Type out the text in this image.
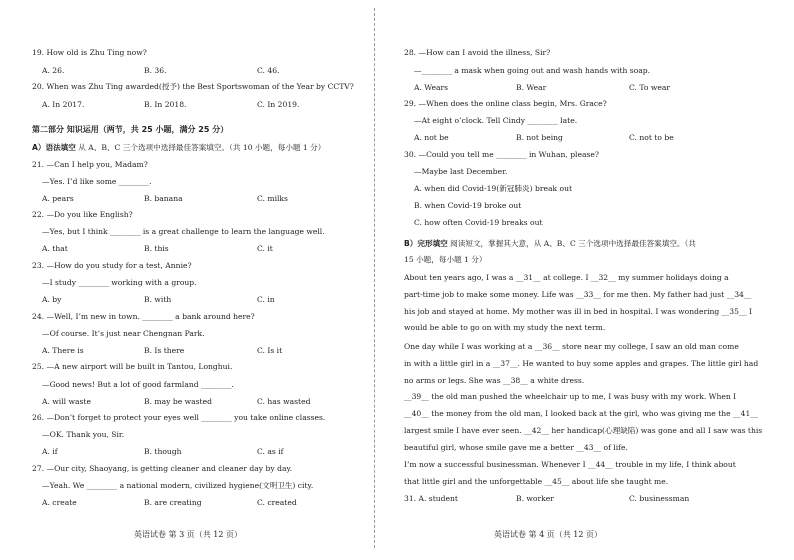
19. How old is Zhu Ting now?
A. 26.	B. 36.	C. 46.
20. When was Zhu Ting awarded(授予) the Best Sportswoman of the Year by CCTV?
A. In 2017.	B. In 2018.	C. In 2019.
第二部分 知识运用（两节，共 25 小题，满分 25 分）
A）语法填空 从 A、B、C 三个选项中选择最佳答案填空。（共 10 小题，每小题 1 分）
21. —Can I help you, Madam?
—Yes. I’d like some ________.
A. pears	B. banana	C. milks
22. —Do you like English?
—Yes, but I think ________ is a great challenge to learn the language well.
A. that	B. this	C. it
23. —How do you study for a test, Annie?
—I study ________ working with a group.
A. by	B. with	C. in
24. —Well, I’m new in town. ________ a bank around here?
—Of course. It’s just near Chengnan Park.
A. There is	B. Is there	C. Is it
25. —A new airport will be built in Tantou, Longhui.
—Good news! But a lot of good farmland ________.
A. will waste	B. may be wasted	C. has wasted
26. —Don’t forget to protect your eyes well ________ you take online classes.
—OK. Thank you, Sir.
A. if	B. though	C. as if
27. —Our city, Shaoyang, is getting cleaner and cleaner day by day.
—Yeah. We ________ a national modern, civilized hygiene(文明卫生) city.
A. create	B. are creating	C. created
英语试卷 第 3 页（共 12 页）
28. —How can I avoid the illness, Sir?
—________ a mask when going out and wash hands with soap.
A. Wears	B. Wear	C. To wear
29. —When does the online class begin, Mrs. Grace?
—At eight o’clock. Tell Cindy ________ late.
A. not be	B. not being	C. not to be
30. —Could you tell me ________ in Wuhan, please?
—Maybe last December.
A. when did Covid-19(新冠肺炎) break out
B. when Covid-19 broke out
C. how often Covid-19 breaks out
B）完形填空 阅读短文，掌握其大意，从 A、B、C 三个选项中选择最佳答案填空。（共
15 小题，每小题 1 分）
About ten years ago, I was a __31__ at college. I __32__ my summer holidays doing a
part-time job to make some money. Life was __33__ for me then. My father had just __34__
his job and stayed at home. My mother was ill in bed in hospital. I was wondering __35__ I
would be able to go on with my study the next term.
One day while I was working at a __36__ store near my college, I saw an old man come
in with a little girl in a __37__. He wanted to buy some apples and grapes. The little girl had
no arms or legs. She was __38__ a white dress.
__39__ the old man pushed the wheelchair up to me, I was busy with my work. When I
__40__ the money from the old man, I looked back at the girl, who was giving me the __41__
largest smile I have ever seen. __42__ her handicap(心理缺陷) was gone and all I saw was this
beautiful girl, whose smile gave me a better __43__ of life.
I’m now a successful businessman. Whenever I __44__ trouble in my life, I think about
that little girl and the unforgettable __45__ about life she taught me.
31. A. student	B. worker	C. businessman
英语试卷 第 4 页（共 12 页）
